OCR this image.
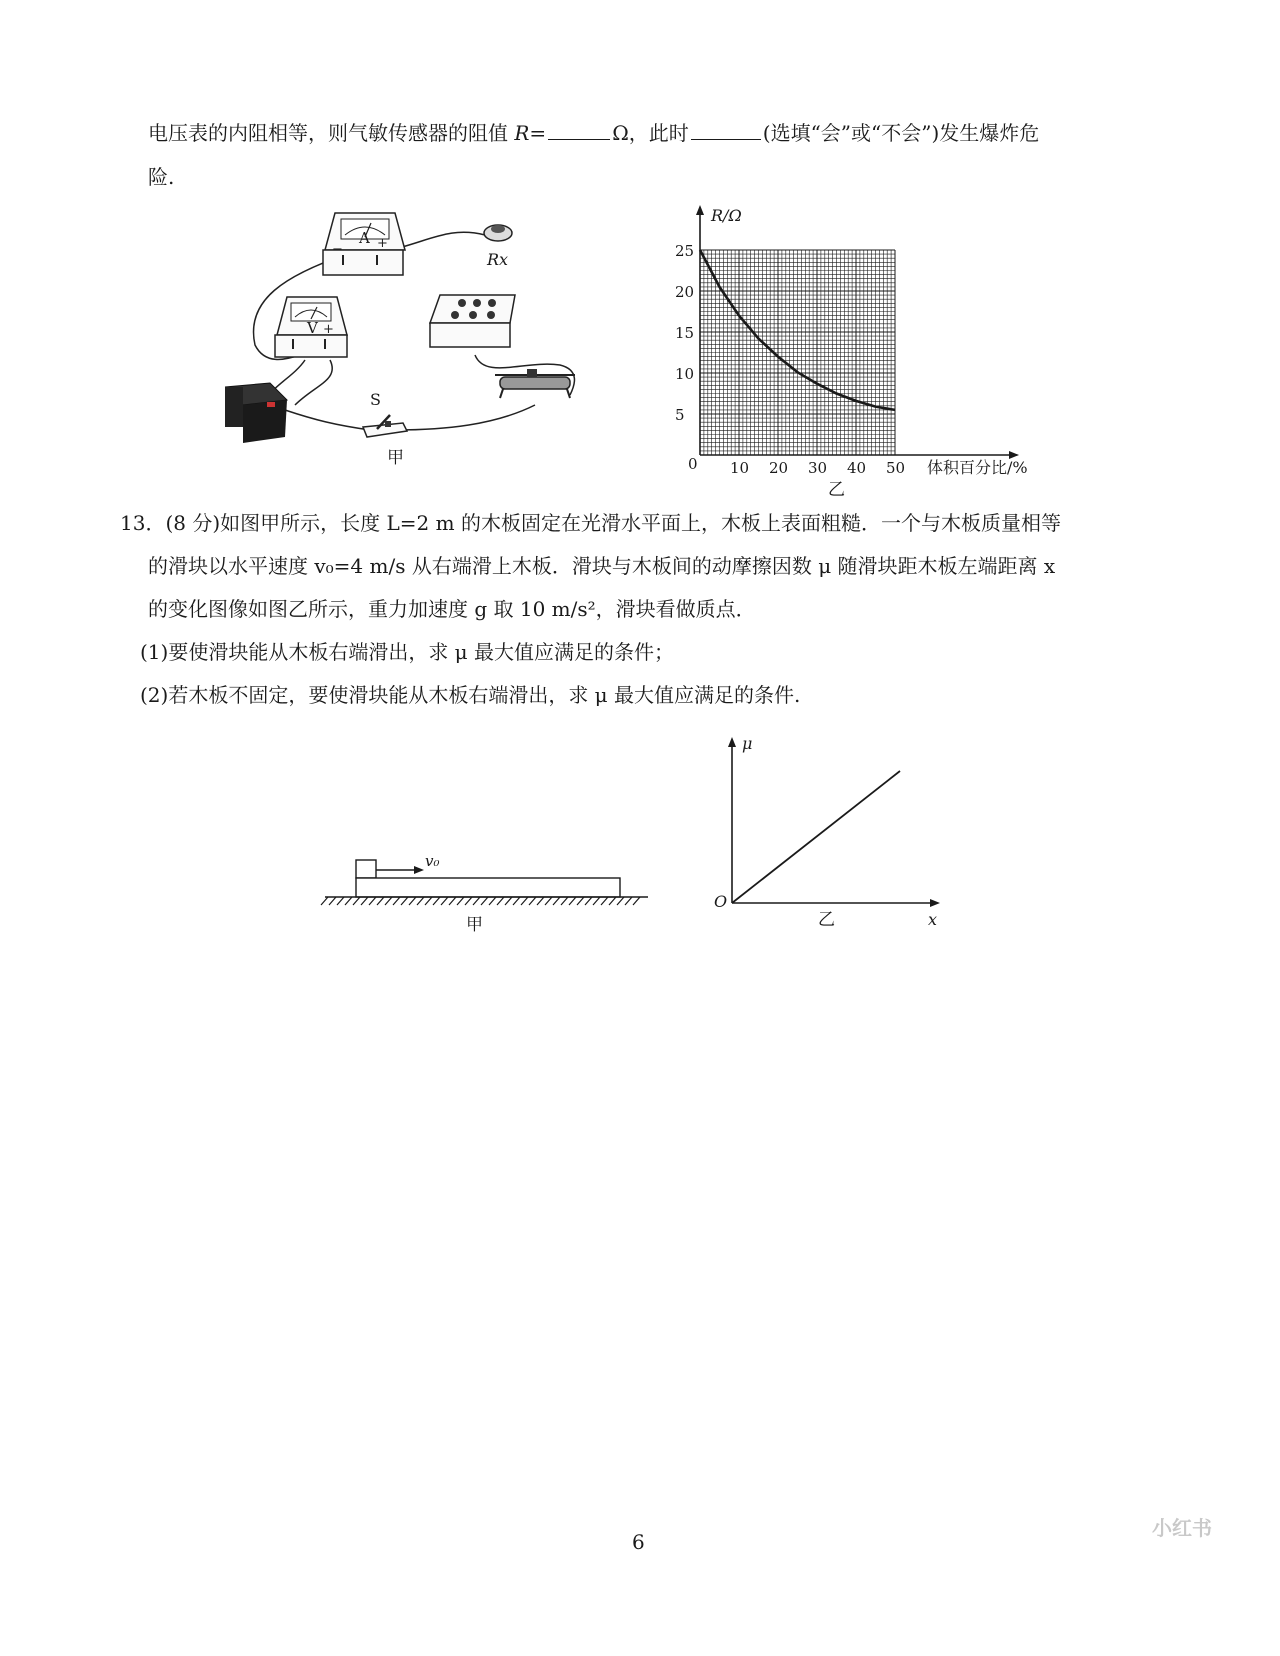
电压表的内阻相等，则气敏传感器的阻值 R=	Ω，此时	(选填“会”或“不会”)发生爆炸危
险.
A +
−
Rx
V +
S
甲
25
20
15
10
5
10 20 30 40 50
R/Ω
体积百分比/%
0
乙
13．(8 分)如图甲所示，长度 L=2 m 的木板固定在光滑水平面上，木板上表面粗糙．一个与木板质量相等
的滑块以水平速度 v₀=4 m/s 从右端滑上木板．滑块与木板间的动摩擦因数 μ 随滑块距木板左端距离 x
的变化图像如图乙所示，重力加速度 g 取 10 m/s²，滑块看做质点．
(1)要使滑块能从木板右端滑出，求 μ 最大值应满足的条件；
(2)若木板不固定，要使滑块能从木板右端滑出，求 μ 最大值应满足的条件.
v₀
甲
μ
O
x
乙
6
小红书
